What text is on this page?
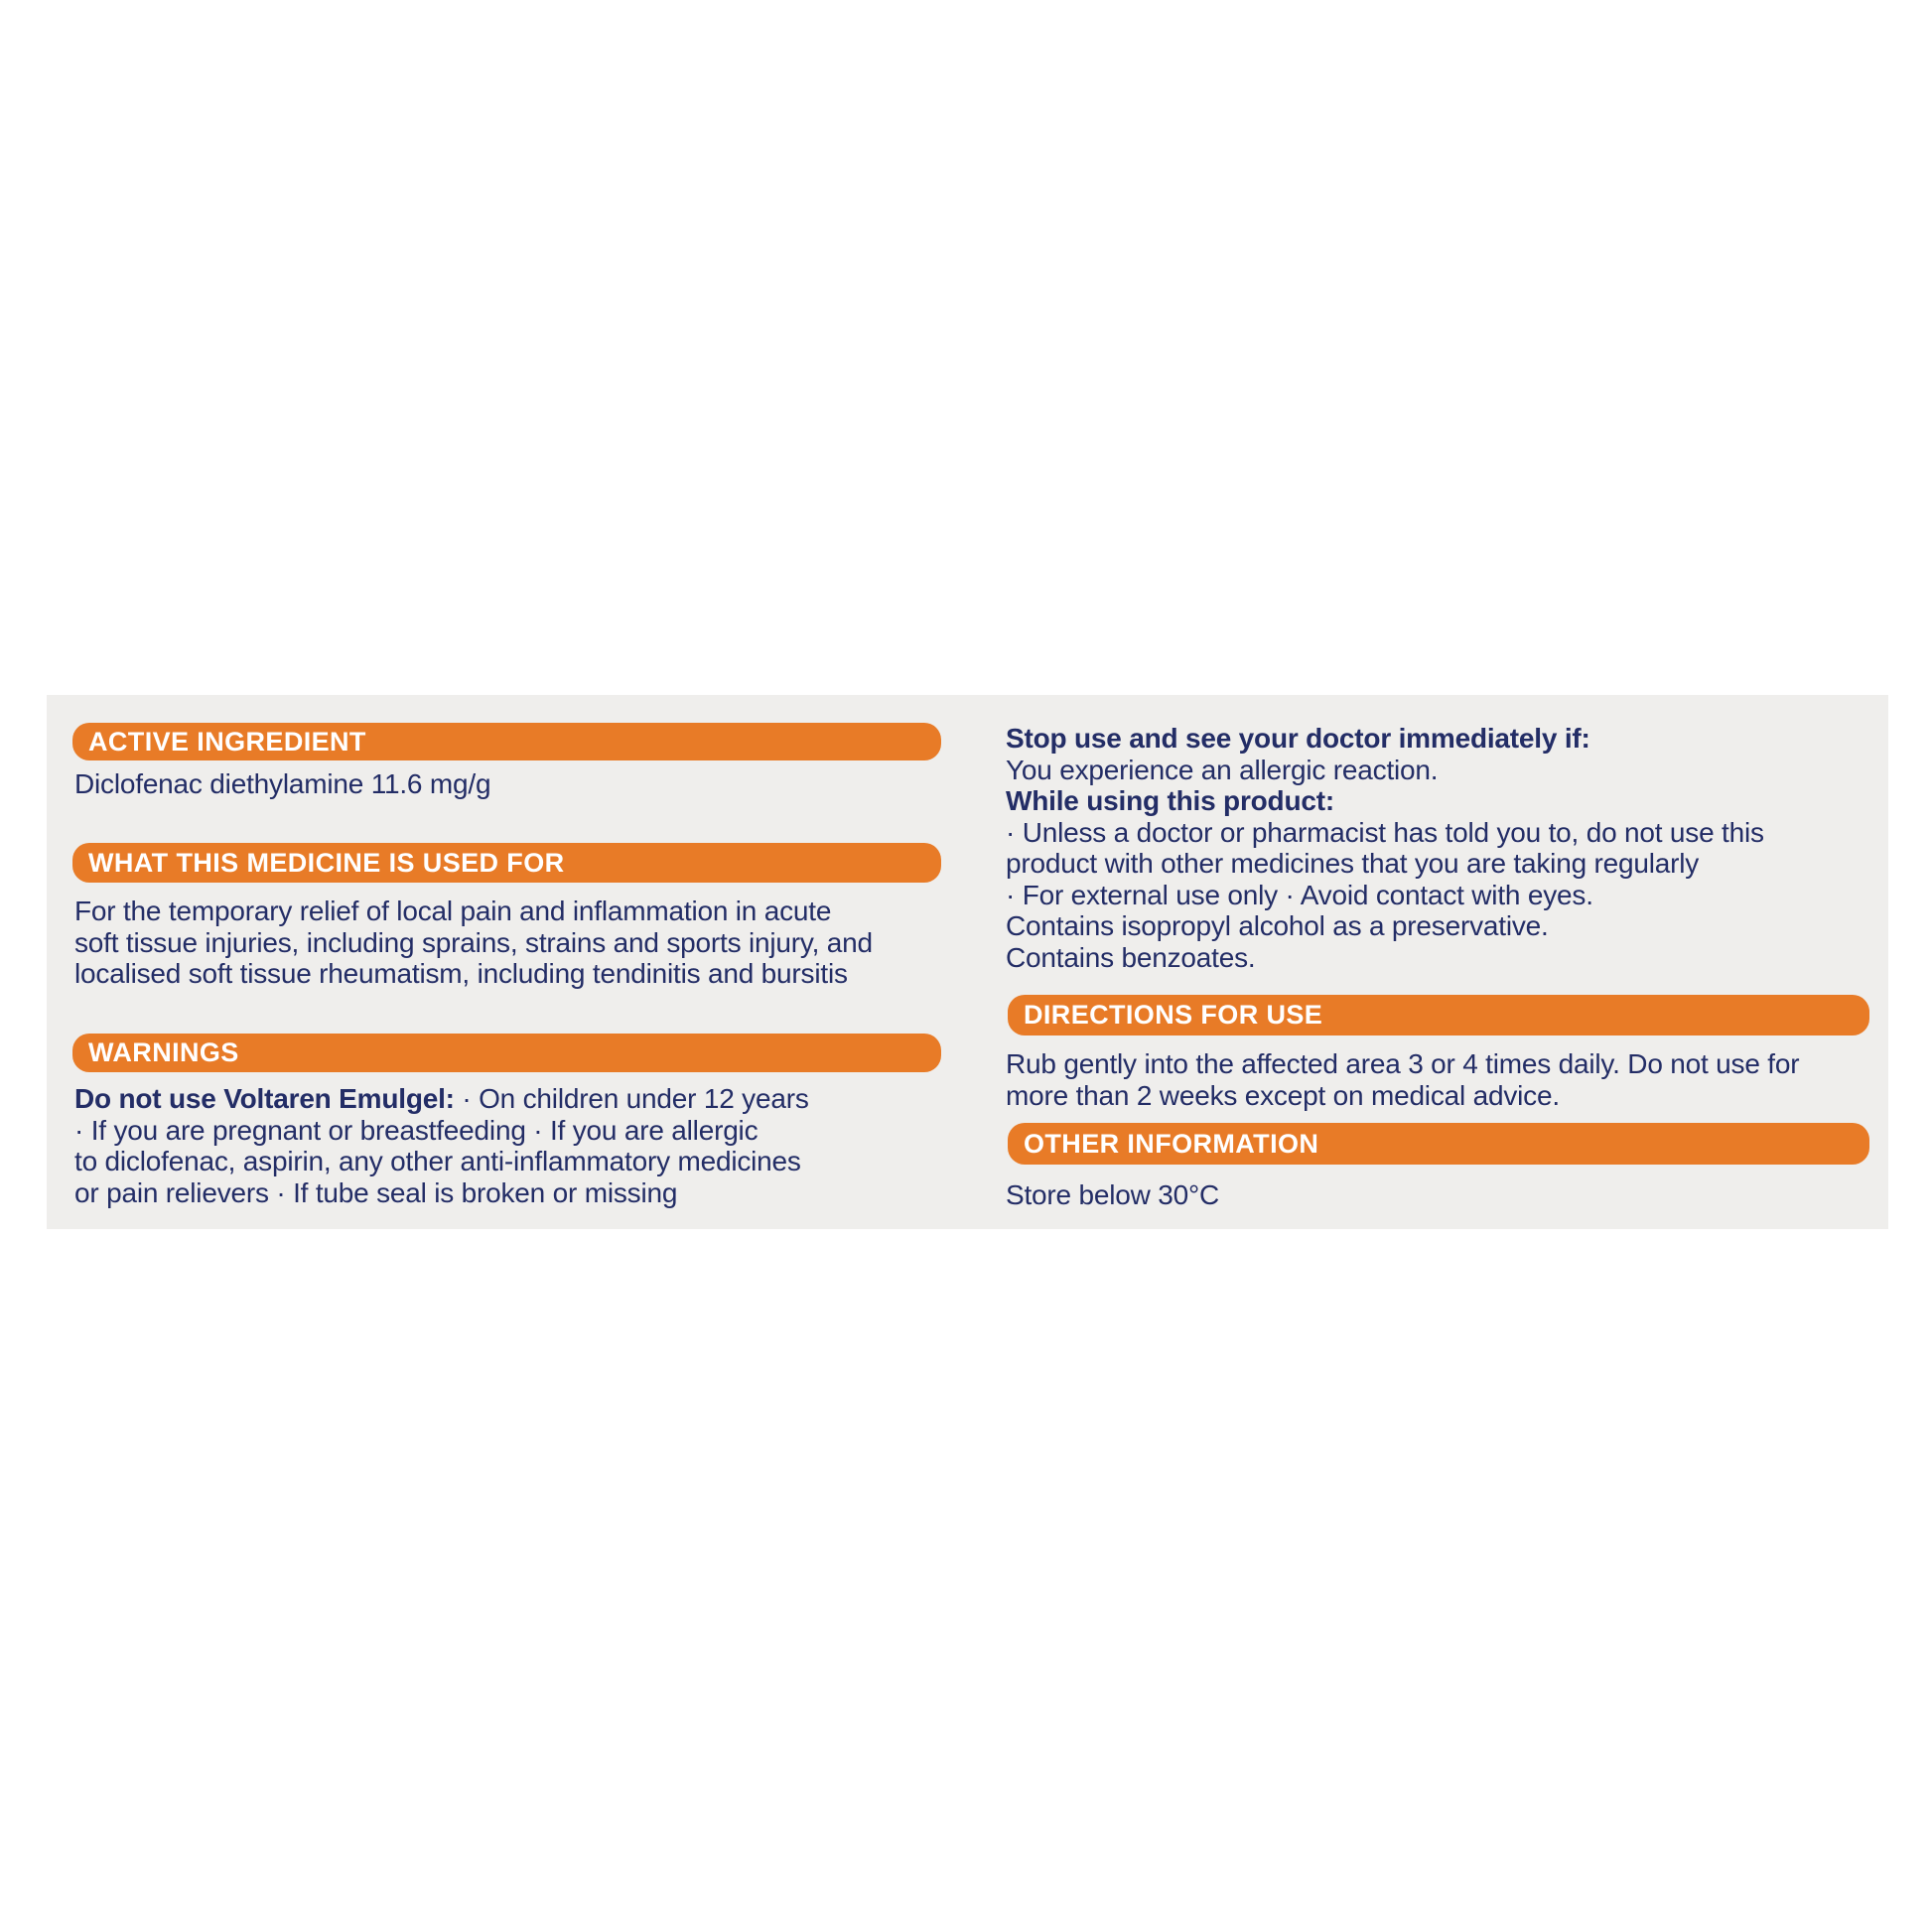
ACTIVE INGREDIENT
Diclofenac diethylamine 11.6 mg/g
WHAT THIS MEDICINE IS USED FOR
For the temporary relief of local pain and inflammation in acute
soft tissue injuries, including sprains, strains and sports injury, and
localised soft tissue rheumatism, including tendinitis and bursitis
WARNINGS
Do not use Voltaren Emulgel: · On children under 12 years
· If you are pregnant or breastfeeding · If you are allergic
to diclofenac, aspirin, any other anti-inflammatory medicines
or pain relievers · If tube seal is broken or missing
Stop use and see your doctor immediately if:
You experience an allergic reaction.
While using this product:
· Unless a doctor or pharmacist has told you to, do not use this
product with other medicines that you are taking regularly
· For external use only · Avoid contact with eyes.
Contains isopropyl alcohol as a preservative.
Contains benzoates.
DIRECTIONS FOR USE
Rub gently into the affected area 3 or 4 times daily. Do not use for
more than 2 weeks except on medical advice.
OTHER INFORMATION
Store below 30°C
